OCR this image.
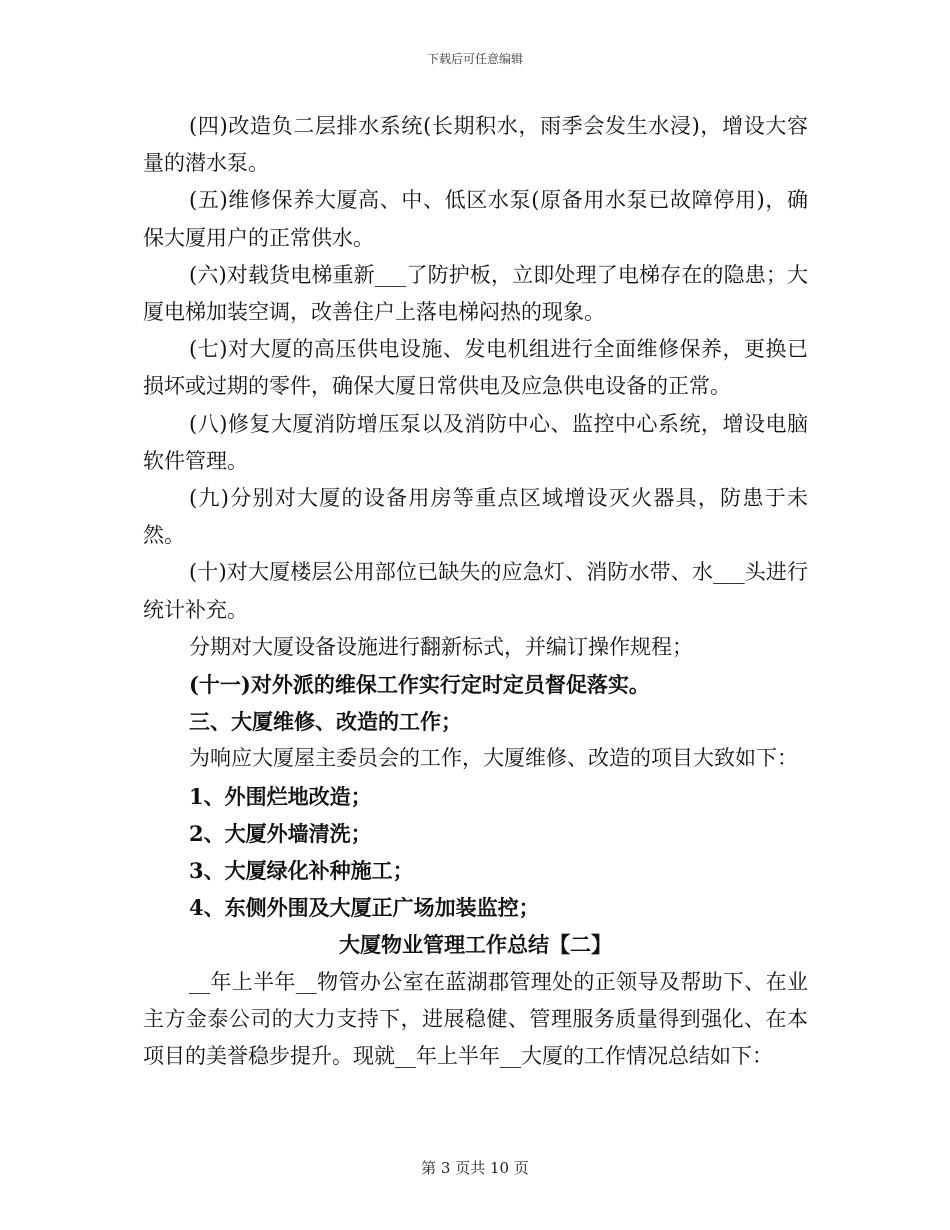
下载后可任意编辑

(四)改造负二层排水系统(长期积水，雨季会发生水浸)，增设大容量的潜水泵。

(五)维修保养大厦高、中、低区水泵(原备用水泵已故障停用)，确保大厦用户的正常供水。

(六)对载货电梯重新___了防护板，立即处理了电梯存在的隐患；大厦电梯加装空调，改善住户上落电梯闷热的现象。

(七)对大厦的高压供电设施、发电机组进行全面维修保养，更换已损坏或过期的零件，确保大厦日常供电及应急供电设备的正常。

(八)修复大厦消防增压泵以及消防中心、监控中心系统，增设电脑软件管理。

(九)分别对大厦的设备用房等重点区域增设灭火器具，防患于未然。

(十)对大厦楼层公用部位已缺失的应急灯、消防水带、水___头进行统计补充。

分期对大厦设备设施进行翻新标式，并编订操作规程；

(十一)对外派的维保工作实行定时定员督促落实。

三、大厦维修、改造的工作；

为响应大厦屋主委员会的工作，大厦维修、改造的项目大致如下：

1、外围烂地改造；

2、大厦外墙清洗；

3、大厦绿化补种施工；

4、东侧外围及大厦正广场加装监控；

大厦物业管理工作总结【二】

__年上半年__物管办公室在蓝湖郡管理处的正领导及帮助下、在业主方金泰公司的大力支持下，进展稳健、管理服务质量得到强化、在本项目的美誉稳步提升。现就__年上半年__大厦的工作情况总结如下：

第 3 页共 10 页
